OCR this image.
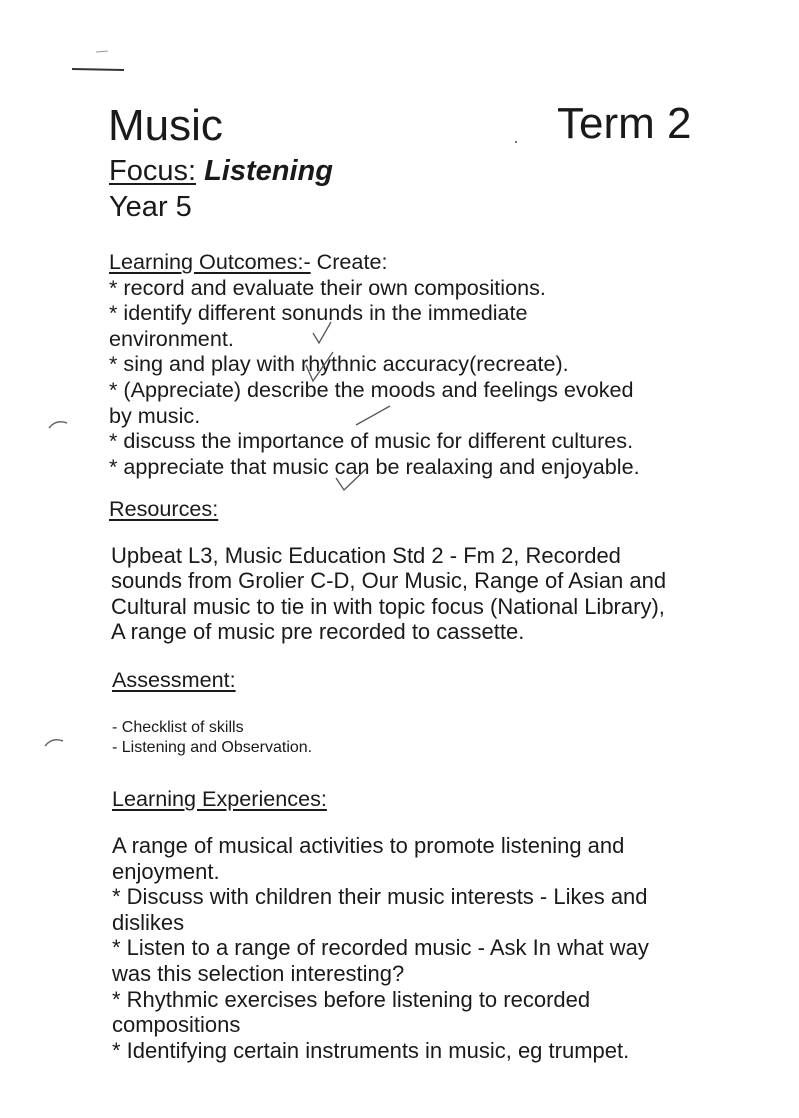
Music	Term 2
Focus: Listening
Year 5
Learning Outcomes:- Create:
* record and evaluate their own compositions.
* identify different sonunds in the immediate
environment.
* sing and play with rhythnic accuracy(recreate).
* (Appreciate) describe the moods and feelings evoked
by music.
* discuss the importance of music for different cultures.
* appreciate that music can be realaxing and enjoyable.
Resources:
Upbeat L3, Music Education Std 2 - Fm 2, Recorded
sounds from Grolier C-D, Our Music, Range of Asian and
Cultural music to tie in with topic focus (National Library),
A range of music pre recorded to cassette.
Assessment:
- Checklist of skills
- Listening and Observation.
Learning Experiences:
A range of musical activities to promote listening and
enjoyment.
* Discuss with children their music interests - Likes and
dislikes
* Listen to a range of recorded music - Ask In what way
was this selection interesting?
* Rhythmic exercises before listening to recorded
compositions
* Identifying certain instruments in music, eg trumpet.
